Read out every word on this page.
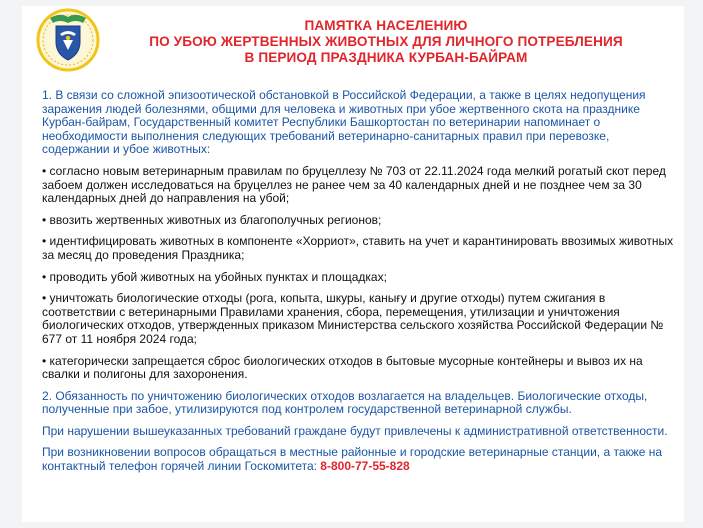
ПАМЯТКА НАСЕЛЕНИЮ
ПО УБОЮ ЖЕРТВЕННЫХ ЖИВОТНЫХ ДЛЯ ЛИЧНОГО ПОТРЕБЛЕНИЯ
В ПЕРИОД ПРАЗДНИКА КУРБАН-БАЙРАМ

1. В связи со сложной эпизоотической обстановкой в Российской Федерации, а также в целях недопущения заражения людей болезнями, общими для человека и животных при убое жертвенного скота на празднике Курбан-байрам, Государственный комитет Республики Башкортостан по ветеринарии напоминает о необходимости выполнения следующих требований ветеринарно-санитарных правил при перевозке, содержании и убое животных:

• согласно новым ветеринарным правилам по бруцеллезу № 703 от 22.11.2024 года мелкий рогатый скот перед забоем должен исследоваться на бруцеллез не ранее чем за 40 календарных дней и не позднее чем за 30 календарных дней до направления на убой;

• ввозить жертвенных животных из благополучных регионов;

• идентифицировать животных в компоненте «Хорриот», ставить на учет и карантинировать ввозимых животных за месяц до проведения Праздника;

• проводить убой животных на убойных пунктах и площадках;

• уничтожать биологические отходы (рога, копыта, шкуры, канығу и другие отходы) путем сжигания в соответствии с ветеринарными Правилами хранения, сбора, перемещения, утилизации и уничтожения биологических отходов, утвержденных приказом Министерства сельского хозяйства Российской Федерации № 677 от 11 ноября 2024 года;

• категорически запрещается сброс биологических отходов в бытовые мусорные контейнеры и вывоз их на свалки и полигоны для захоронения.

2. Обязанность по уничтожению биологических отходов возлагается на владельцев. Биологические отходы, полученные при забое, утилизируются под контролем государственной ветеринарной службы.

При нарушении вышеуказанных требований граждане будут привлечены к административной ответственности.

При возникновении вопросов обращаться в местные районные и городские ветеринарные станции, а также на контактный телефон горячей линии Госкомитета: 8-800-77-55-828
